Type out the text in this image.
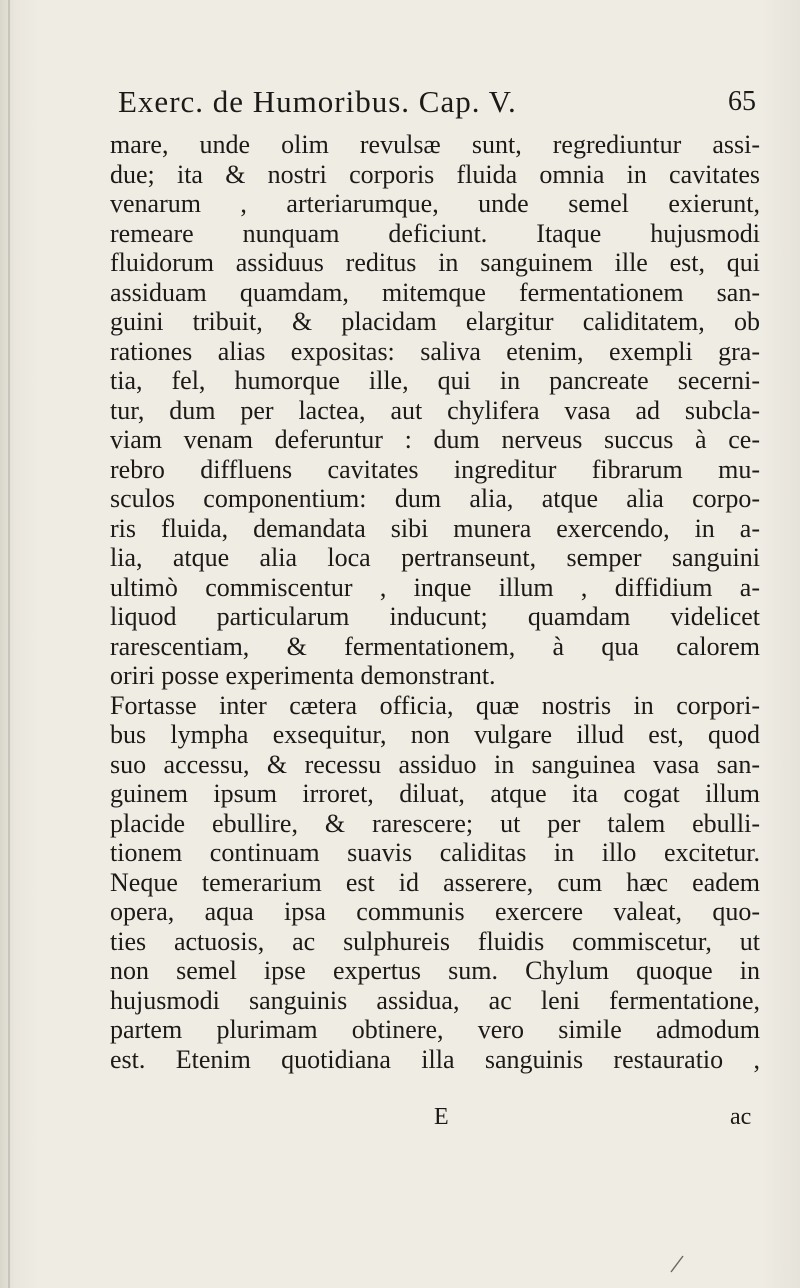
Exerc. de Humoribus. Cap. V.	65
mare, unde olim revulsæ sunt, regrediuntur assi-
due; ita & nostri corporis fluida omnia in cavitates
venarum , arteriarumque, unde semel exierunt,
remeare nunquam deficiunt. Itaque hujusmodi
fluidorum assiduus reditus in sanguinem ille est, qui
assiduam quamdam, mitemque fermentationem san-
guini tribuit, & placidam elargitur caliditatem, ob
rationes alias expositas: saliva etenim, exempli gra-
tia, fel, humorque ille, qui in pancreate secerni-
tur, dum per lactea, aut chylifera vasa ad subcla-
viam venam deferuntur : dum nerveus succus à ce-
rebro diffluens cavitates ingreditur fibrarum mu-
sculos componentium: dum alia, atque alia corpo-
ris fluida, demandata sibi munera exercendo, in a-
lia, atque alia loca pertranseunt, semper sanguini
ultimò commiscentur , inque illum , diffidium a-
liquod particularum inducunt; quamdam videlicet
rarescentiam, & fermentationem, à qua calorem
oriri posse experimenta demonstrant.
Fortasse inter cætera officia, quæ nostris in corpori-
bus lympha exsequitur, non vulgare illud est, quod
suo accessu, & recessu assiduo in sanguinea vasa san-
guinem ipsum irroret, diluat, atque ita cogat illum
placide ebullire, & rarescere; ut per talem ebulli-
tionem continuam suavis caliditas in illo excitetur.
Neque temerarium est id asserere, cum hæc eadem
opera, aqua ipsa communis exercere valeat, quo-
ties actuosis, ac sulphureis fluidis commiscetur, ut
non semel ipse expertus sum. Chylum quoque in
hujusmodi sanguinis assidua, ac leni fermentatione,
partem plurimam obtinere, vero simile admodum
est. Etenim quotidiana illa sanguinis restauratio ,
E	ac
